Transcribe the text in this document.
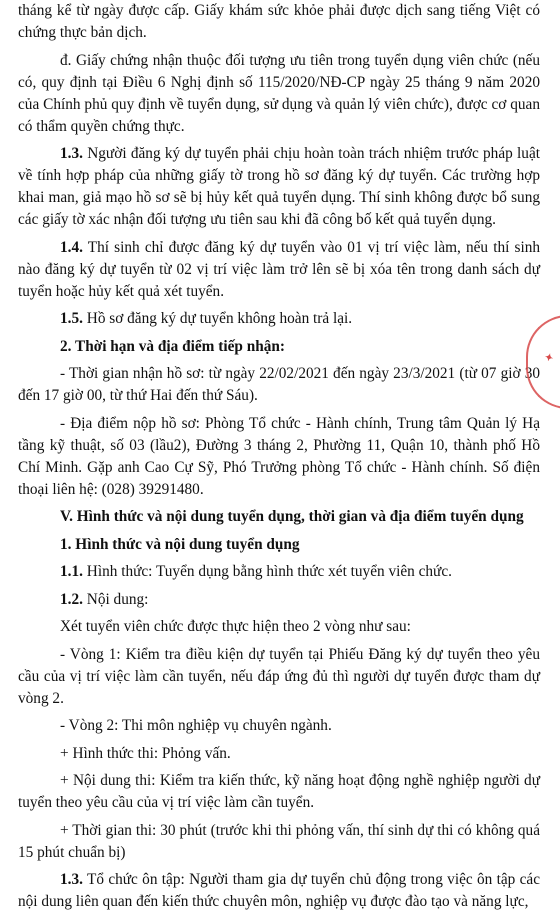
tháng kể từ ngày được cấp. Giấy khám sức khỏe phải được dịch sang tiếng Việt có chứng thực bản dịch.

đ. Giấy chứng nhận thuộc đối tượng ưu tiên trong tuyển dụng viên chức (nếu có, quy định tại Điều 6 Nghị định số 115/2020/NĐ-CP ngày 25 tháng 9 năm 2020 của Chính phủ quy định về tuyển dụng, sử dụng và quản lý viên chức), được cơ quan có thẩm quyền chứng thực.

1.3. Người đăng ký dự tuyển phải chịu hoàn toàn trách nhiệm trước pháp luật về tính hợp pháp của những giấy tờ trong hồ sơ đăng ký dự tuyển. Các trường hợp khai man, giả mạo hồ sơ sẽ bị hủy kết quả tuyển dụng. Thí sinh không được bổ sung các giấy tờ xác nhận đối tượng ưu tiên sau khi đã công bố kết quả tuyển dụng.

1.4. Thí sinh chỉ được đăng ký dự tuyển vào 01 vị trí việc làm, nếu thí sinh nào đăng ký dự tuyển từ 02 vị trí việc làm trở lên sẽ bị xóa tên trong danh sách dự tuyển hoặc hủy kết quả xét tuyển.

1.5. Hồ sơ đăng ký dự tuyển không hoàn trả lại.

2. Thời hạn và địa điểm tiếp nhận:

- Thời gian nhận hồ sơ: từ ngày 22/02/2021 đến ngày 23/3/2021 (từ 07 giờ 30 đến 17 giờ 00, từ thứ Hai đến thứ Sáu).

- Địa điểm nộp hồ sơ: Phòng Tổ chức - Hành chính, Trung tâm Quản lý Hạ tầng kỹ thuật, số 03 (lầu2), Đường 3 tháng 2, Phường 11, Quận 10, thành phố Hồ Chí Minh. Gặp anh Cao Cự Sỹ, Phó Trưởng phòng Tổ chức - Hành chính. Số điện thoại liên hệ: (028) 39291480.

V. Hình thức và nội dung tuyển dụng, thời gian và địa điểm tuyển dụng

1. Hình thức và nội dung tuyển dụng

1.1. Hình thức: Tuyển dụng bằng hình thức xét tuyển viên chức.

1.2. Nội dung:

Xét tuyển viên chức được thực hiện theo 2 vòng như sau:

- Vòng 1: Kiểm tra điều kiện dự tuyển tại Phiếu Đăng ký dự tuyển theo yêu cầu của vị trí việc làm cần tuyển, nếu đáp ứng đủ thì người dự tuyển được tham dự vòng 2.

- Vòng 2: Thi môn nghiệp vụ chuyên ngành.

+ Hình thức thi: Phỏng vấn.

+ Nội dung thi: Kiểm tra kiến thức, kỹ năng hoạt động nghề nghiệp người dự tuyển theo yêu cầu của vị trí việc làm cần tuyển.

+ Thời gian thi: 30 phút (trước khi thi phỏng vấn, thí sinh dự thi có không quá 15 phút chuẩn bị)

1.3. Tổ chức ôn tập: Người tham gia dự tuyển chủ động trong việc ôn tập các nội dung liên quan đến kiến thức chuyên môn, nghiệp vụ được đào tạo và năng lực,

✦
